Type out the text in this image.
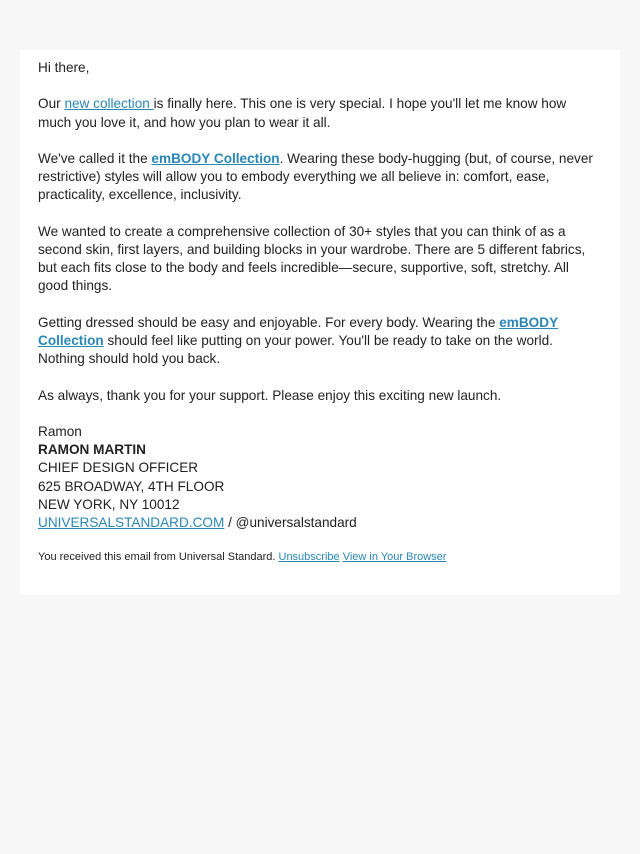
Hi there,

Our new collection is finally here. This one is very special. I hope you'll let me know how much you love it, and how you plan to wear it all.

We've called it the emBODY Collection. Wearing these body-hugging (but, of course, never restrictive) styles will allow you to embody everything we all believe in: comfort, ease, practicality, excellence, inclusivity.

We wanted to create a comprehensive collection of 30+ styles that you can think of as a second skin, first layers, and building blocks in your wardrobe. There are 5 different fabrics, but each fits close to the body and feels incredible—secure, supportive, soft, stretchy. All good things.

Getting dressed should be easy and enjoyable. For every body. Wearing the emBODY Collection should feel like putting on your power. You'll be ready to take on the world. Nothing should hold you back.

As always, thank you for your support. Please enjoy this exciting new launch.

Ramon

RAMON MARTIN
CHIEF DESIGN OFFICER
625 BROADWAY, 4TH FLOOR
NEW YORK, NY 10012
UNIVERSALSTANDARD.COM / @universalstandard
You received this email from Universal Standard. Unsubscribe View in Your Browser
